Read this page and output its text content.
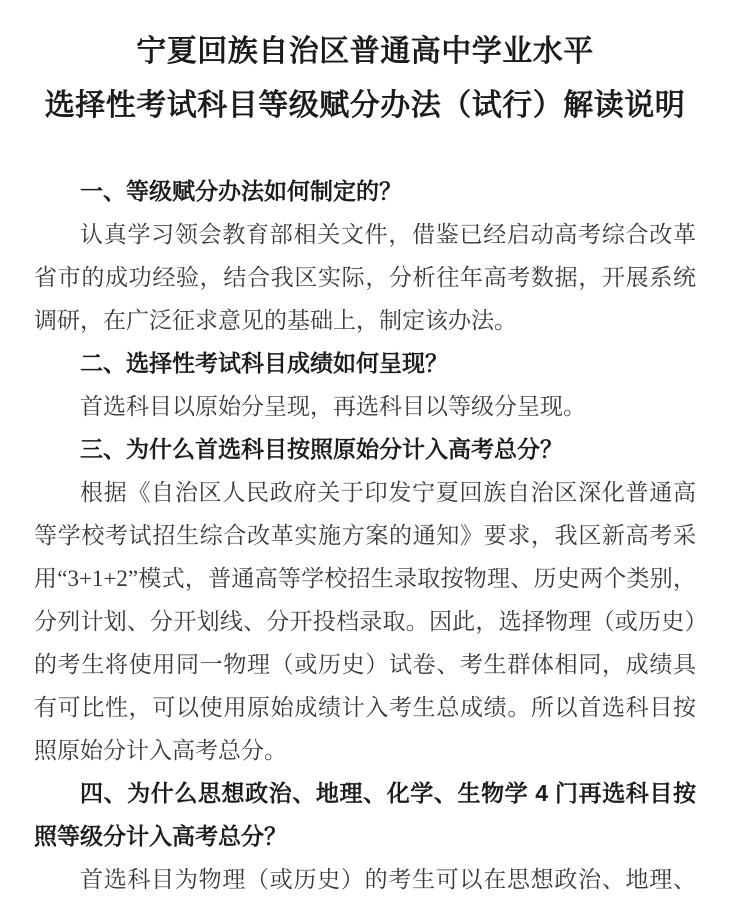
宁夏回族自治区普通高中学业水平
选择性考试科目等级赋分办法（试行）解读说明
一、等级赋分办法如何制定的？

认真学习领会教育部相关文件，借鉴已经启动高考综合改革省市的成功经验，结合我区实际，分析往年高考数据，开展系统调研，在广泛征求意见的基础上，制定该办法。

二、选择性考试科目成绩如何呈现？

首选科目以原始分呈现，再选科目以等级分呈现。

三、为什么首选科目按照原始分计入高考总分？

根据《自治区人民政府关于印发宁夏回族自治区深化普通高等学校考试招生综合改革实施方案的通知》要求，我区新高考采用“3+1+2”模式，普通高等学校招生录取按物理、历史两个类别，分列计划、分开划线、分开投档录取。因此，选择物理（或历史）的考生将使用同一物理（或历史）试卷、考生群体相同，成绩具有可比性，可以使用原始成绩计入考生总成绩。所以首选科目按照原始分计入高考总分。

四、为什么思想政治、地理、化学、生物学 4 门再选科目按照等级分计入高考总分？

首选科目为物理（或历史）的考生可以在思想政治、地理、
